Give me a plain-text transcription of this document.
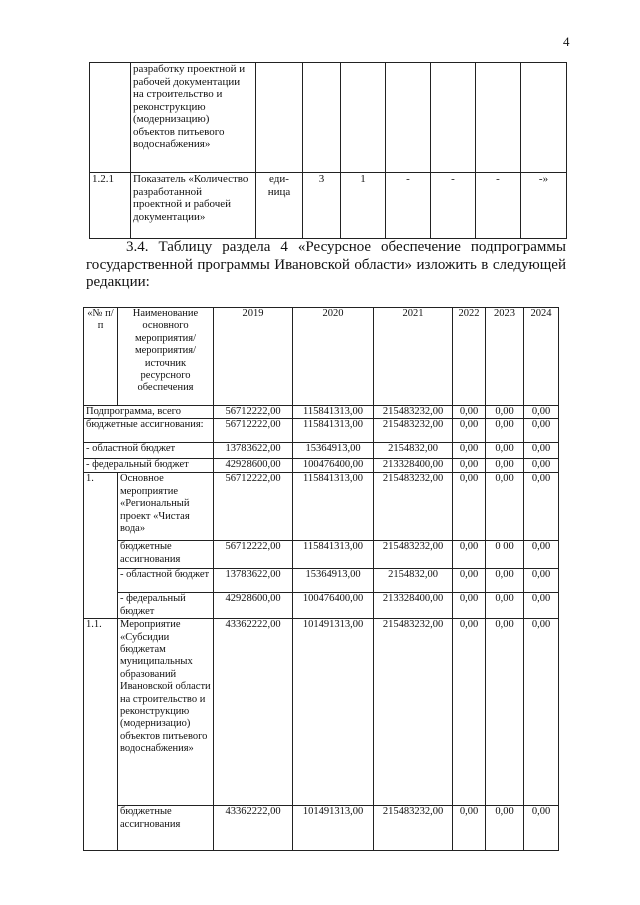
4
	разработку проектной и рабочей документации на строительство и реконструкцию (модернизацию) объектов питьевого водоснабжения»							
1.2.1	Показатель «Количество разработанной проектной и рабочей документации»	еди-ница	3	1	-	-	-	-»
3.4. Таблицу раздела 4 «Ресурсное обеспечение подпрограммы государственной программы Ивановской области» изложить в следующей редакции:
«№ п/п	Наименование основного мероприятия/ мероприятия/ источник ресурсного обеспечения	2019	2020	2021	2022	2023	2024
Подпрограмма, всего		56712222,00	115841313,00	215483232,00	0,00	0,00	0,00
бюджетные ассигнования:		56712222,00	115841313,00	215483232,00	0,00	0,00	0,00
- областной бюджет		13783622,00	15364913,00	2154832,00	0,00	0,00	0,00
- федеральный бюджет		42928600,00	100476400,00	213328400,00	0,00	0,00	0,00
1.	Основное мероприятие «Региональный проект «Чистая вода»	56712222,00	115841313,00	215483232,00	0,00	0,00	0,00
	бюджетные ассигнования	56712222,00	115841313,00	215483232,00	0,00	0 00	0,00
	- областной бюджет	13783622,00	15364913,00	2154832,00	0,00	0,00	0,00
	- федеральный бюджет	42928600,00	100476400,00	213328400,00	0,00	0,00	0,00
1.1.	Мероприятие «Субсидии бюджетам муниципальных образований Ивановской области на строительство и реконструкцию (модернизацио) объектов питьевого водоснабжения»	43362222,00	101491313,00	215483232,00	0,00	0,00	0,00
	бюджетные ассигнования	43362222,00	101491313,00	215483232,00	0,00	0,00	0,00
